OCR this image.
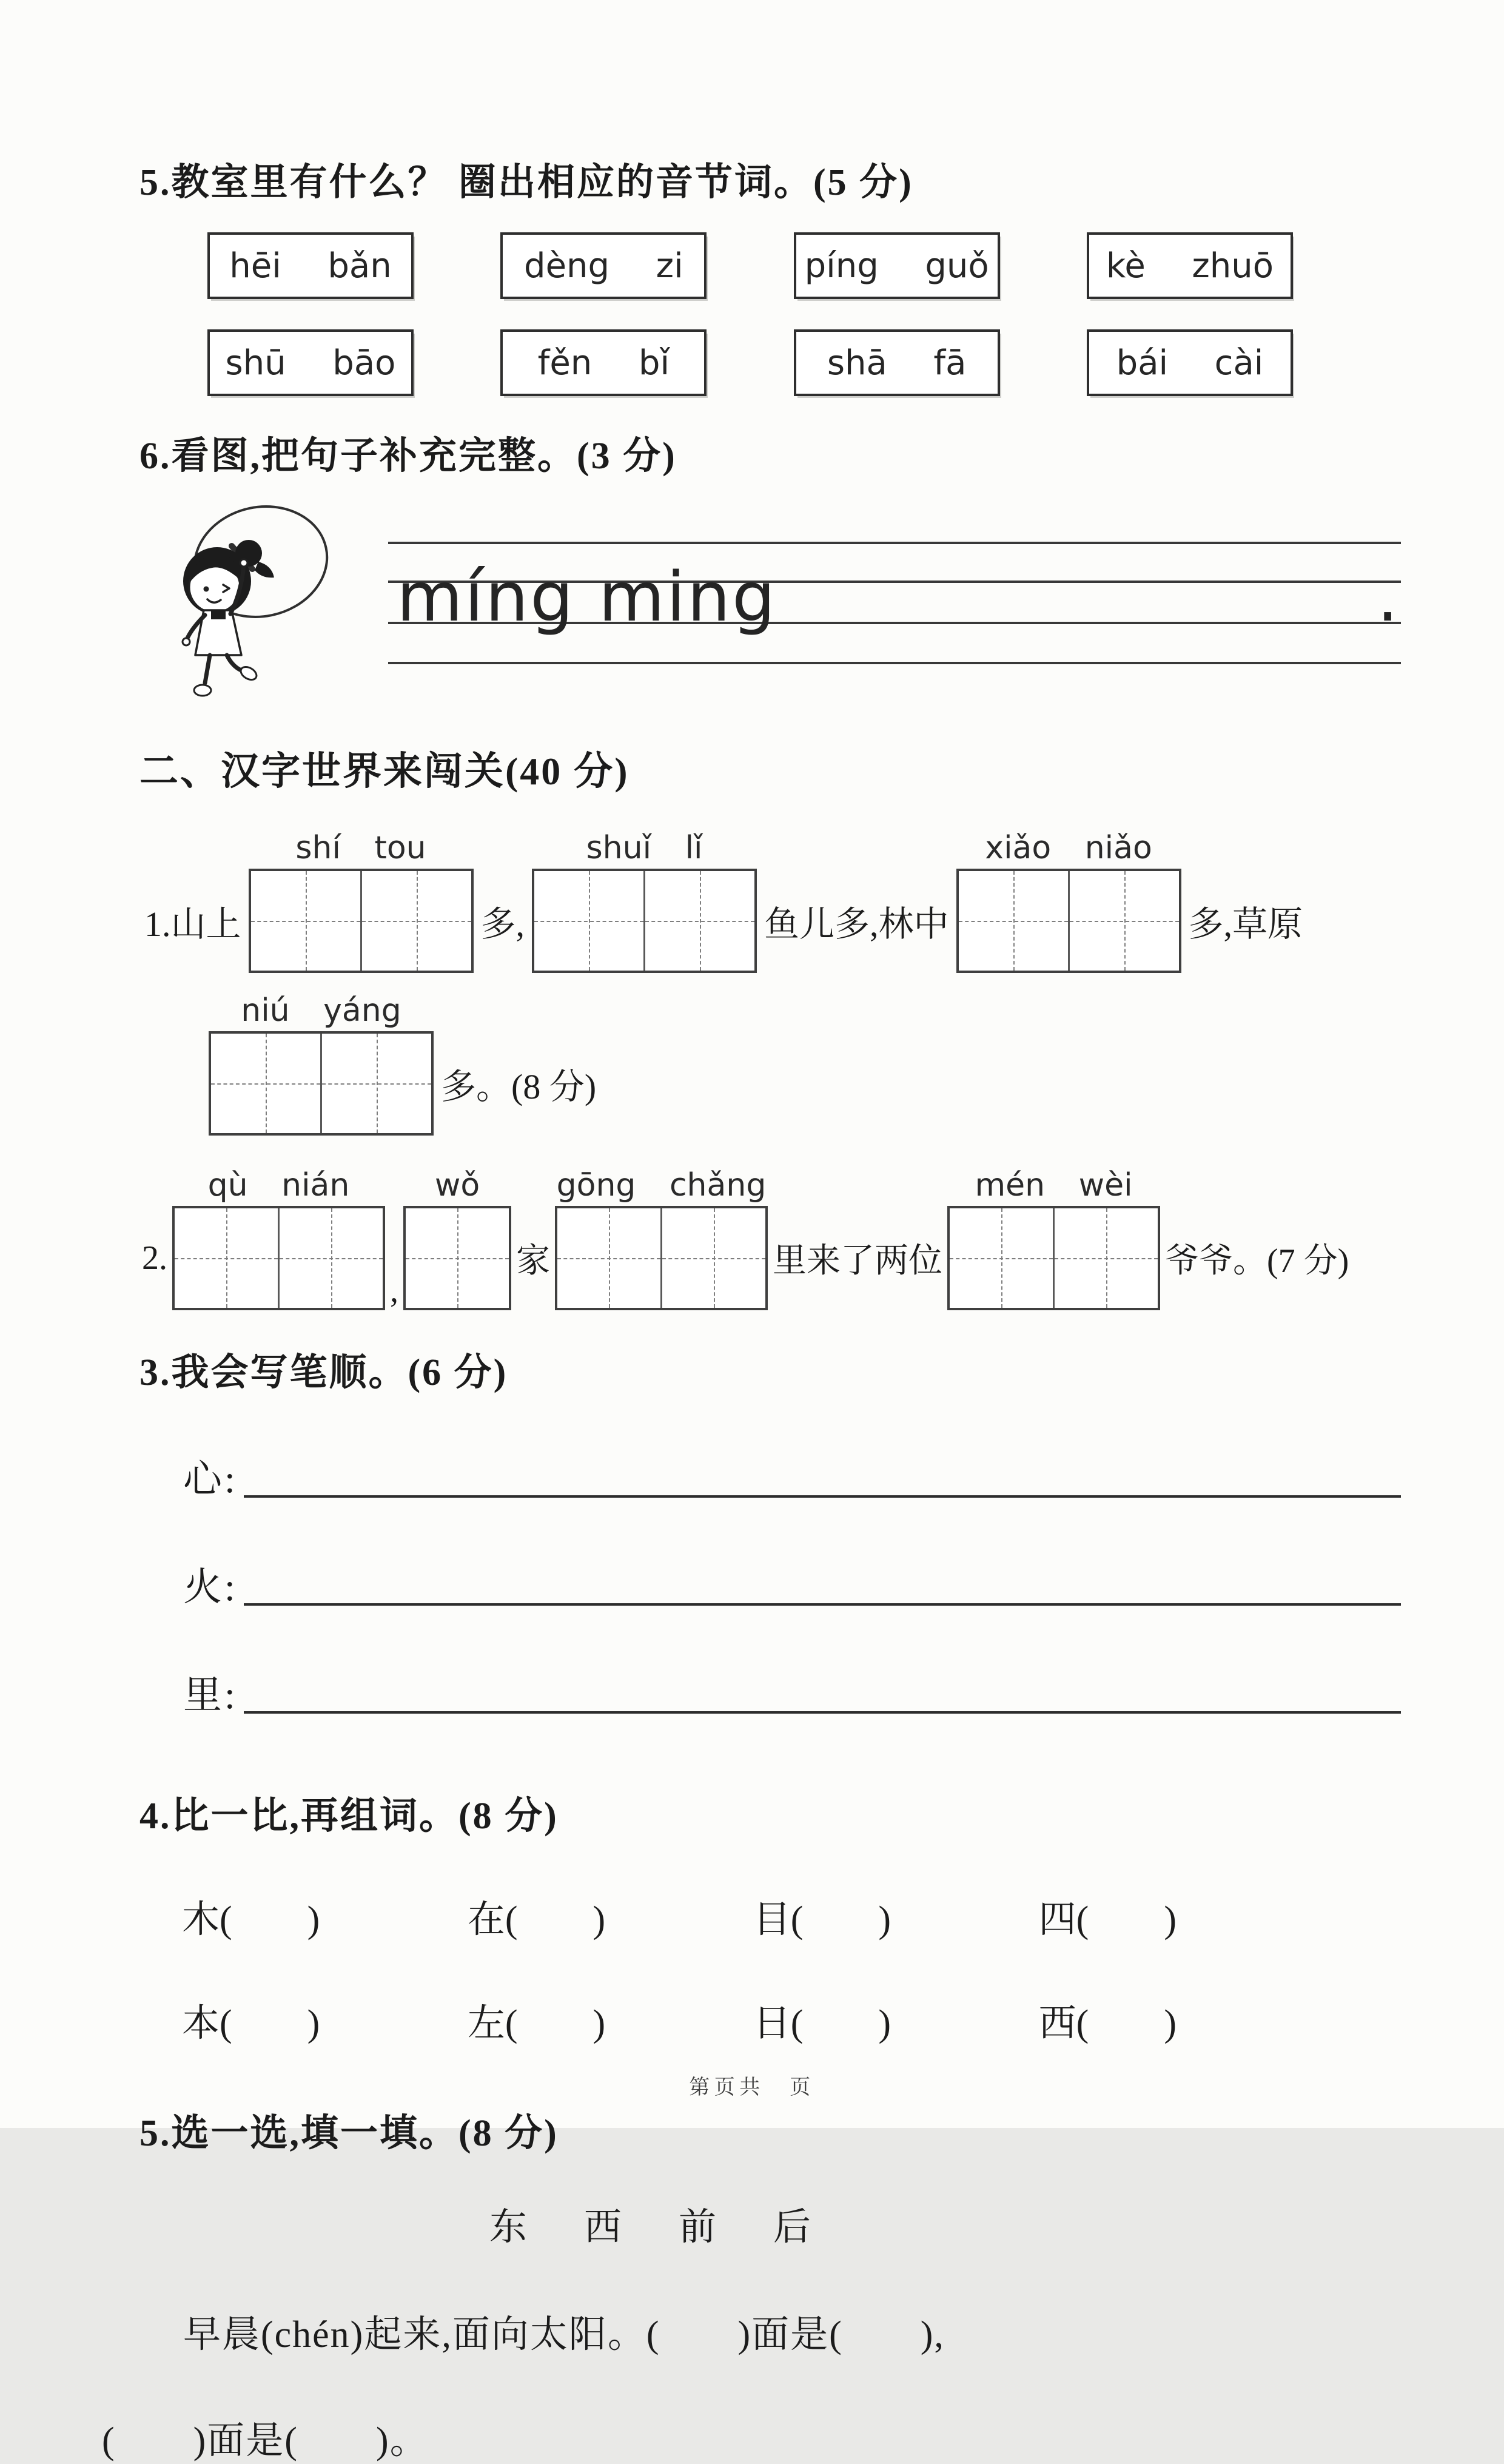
5.教室里有什么？ 圈出相应的音节词。(5 分)
hēi bǎn	dèng zi	píng guǒ	kè zhuō
shū bāo	fěn bǐ	shā fā	bái cài
6.看图,把句子补充完整。(3 分)
míng ming	.
二、汉字世界来闯关(40 分)
1.山上
shí tou
多,
shuǐ lǐ
鱼儿多,林中
xiǎo niǎo
多,草原
niú yáng
多。(8 分)
2.
qù nián
,
wǒ
家
gōng chǎng
里来了两位
mén wèi
爷爷。(7 分)
3.我会写笔顺。(6 分)
心:
火:
里:
4.比一比,再组词。(8 分)
木(　　)	在(　　)	目(　　)	四(　　)
本(　　)	左(　　)	日(　　)	西(　　)
5.选一选,填一填。(8 分)
东　西　前　后
早晨(chén)起来,面向太阳。(　　)面是(　　),
(　　)面是(　　)。
第页共　页
